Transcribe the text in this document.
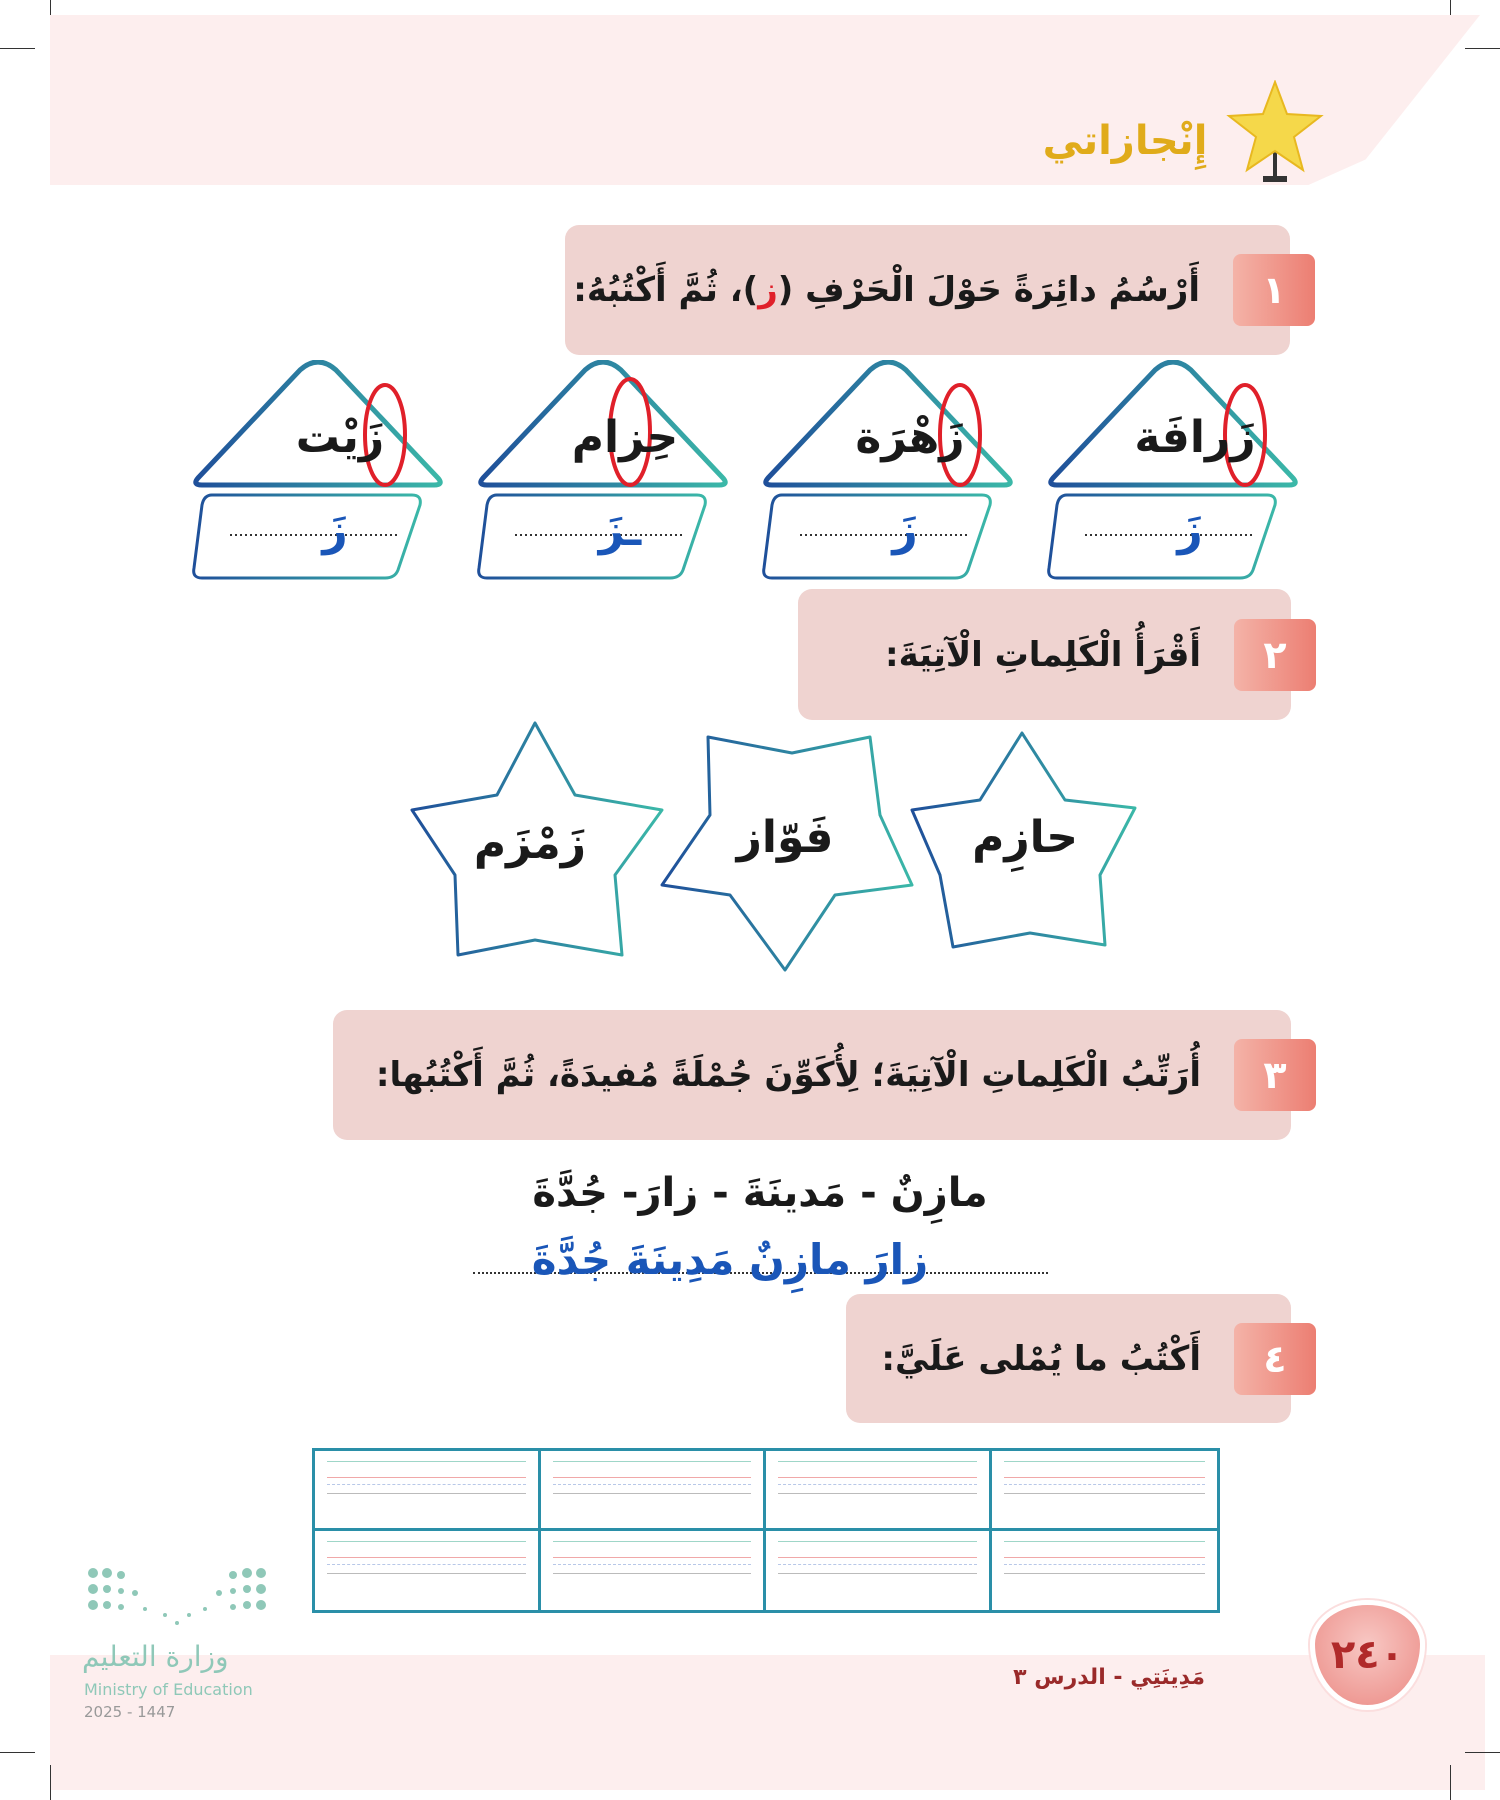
إِنْجازاتي
١
أَرْسُمُ دائِرَةً حَوْلَ الْحَرْفِ (ز)، ثُمَّ أَكْتُبُهُ:
زَرافَة
زَهْرَة
حِزام
زَيْت
زَ
زَ
ـزَ
زَ
٢
أَقْرَأُ الْكَلِماتِ الْآتِيَةَ:
حازِم
فَوّاز
زَمْزَم
٣
أُرَتِّبُ الْكَلِماتِ الْآتِيَةَ؛ لِأُكَوِّنَ جُمْلَةً مُفيدَةً، ثُمَّ أَكْتُبُها:
مازِنٌ - مَدينَةَ - زارَ- جُدَّةَ
زارَ مازِنٌ مَدِينَةَ جُدَّةَ
٤
أَكْتُبُ ما يُمْلى عَلَيَّ:
وزارة التعليم
Ministry of Education
2025 - 1447
مَدِينَتِي - الدرس ٣	٢٤٠
